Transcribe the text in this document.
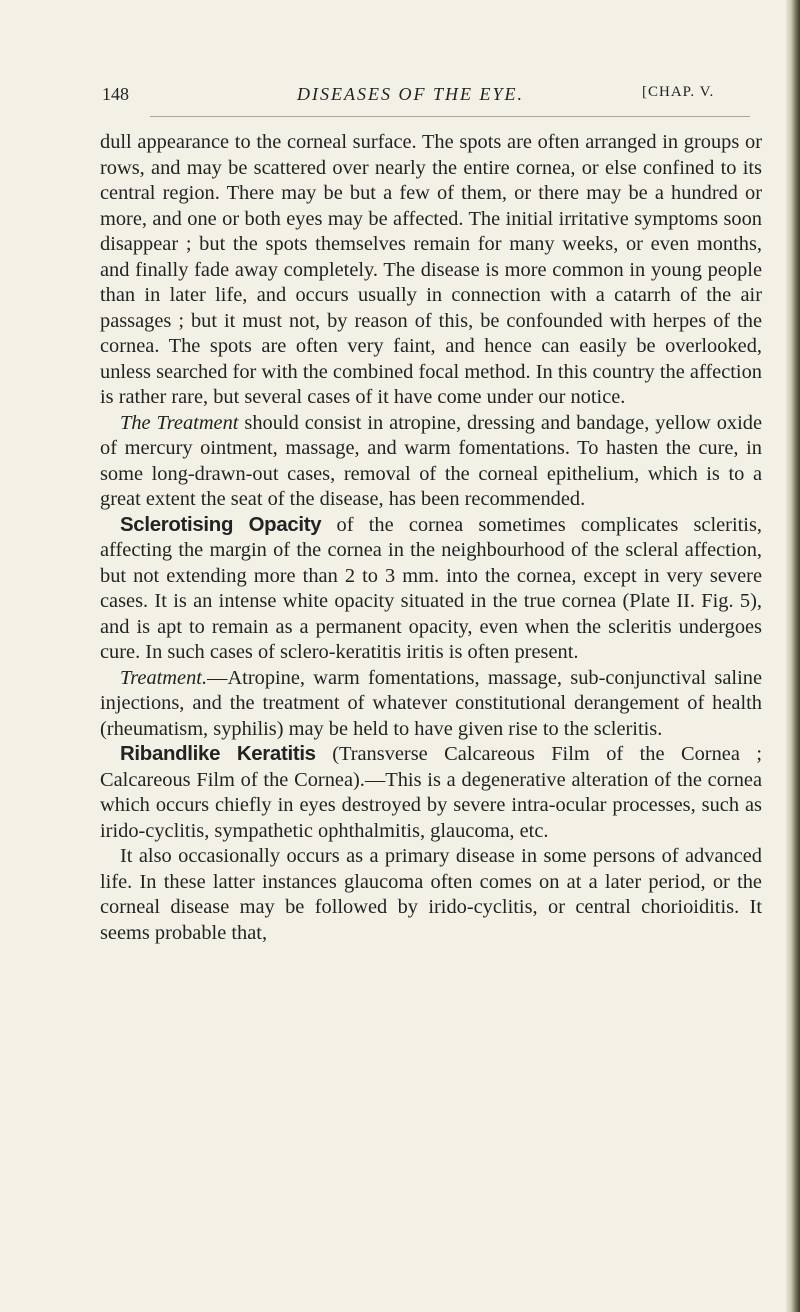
148	DISEASES OF THE EYE.	[CHAP. V.

dull appearance to the corneal surface. The spots are often arranged in groups or rows, and may be scattered over nearly the entire cornea, or else confined to its central region. There may be but a few of them, or there may be a hundred or more, and one or both eyes may be affected. The initial irritative symptoms soon disappear ; but the spots themselves remain for many weeks, or even months, and finally fade away completely. The disease is more common in young people than in later life, and occurs usually in connection with a catarrh of the air passages ; but it must not, by reason of this, be confounded with herpes of the cornea. The spots are often very faint, and hence can easily be overlooked, unless searched for with the combined focal method. In this country the affection is rather rare, but several cases of it have come under our notice.

The Treatment should consist in atropine, dressing and bandage, yellow oxide of mercury ointment, massage, and warm fomentations. To hasten the cure, in some long-drawn-out cases, removal of the corneal epithelium, which is to a great extent the seat of the disease, has been recommended.

Sclerotising Opacity of the cornea sometimes complicates scleritis, affecting the margin of the cornea in the neighbourhood of the scleral affection, but not extending more than 2 to 3 mm. into the cornea, except in very severe cases. It is an intense white opacity situated in the true cornea (Plate II. Fig. 5), and is apt to remain as a permanent opacity, even when the scleritis undergoes cure. In such cases of sclero-keratitis iritis is often present.

Treatment.—Atropine, warm fomentations, massage, sub-conjunctival saline injections, and the treatment of whatever constitutional derangement of health (rheumatism, syphilis) may be held to have given rise to the scleritis.

Ribandlike Keratitis (Transverse Calcareous Film of the Cornea ; Calcareous Film of the Cornea).—This is a degenerative alteration of the cornea which occurs chiefly in eyes destroyed by severe intra-ocular processes, such as irido-cyclitis, sympathetic ophthalmitis, glaucoma, etc.

It also occasionally occurs as a primary disease in some persons of advanced life. In these latter instances glaucoma often comes on at a later period, or the corneal disease may be followed by irido-cyclitis, or central chorioiditis. It seems probable that,
